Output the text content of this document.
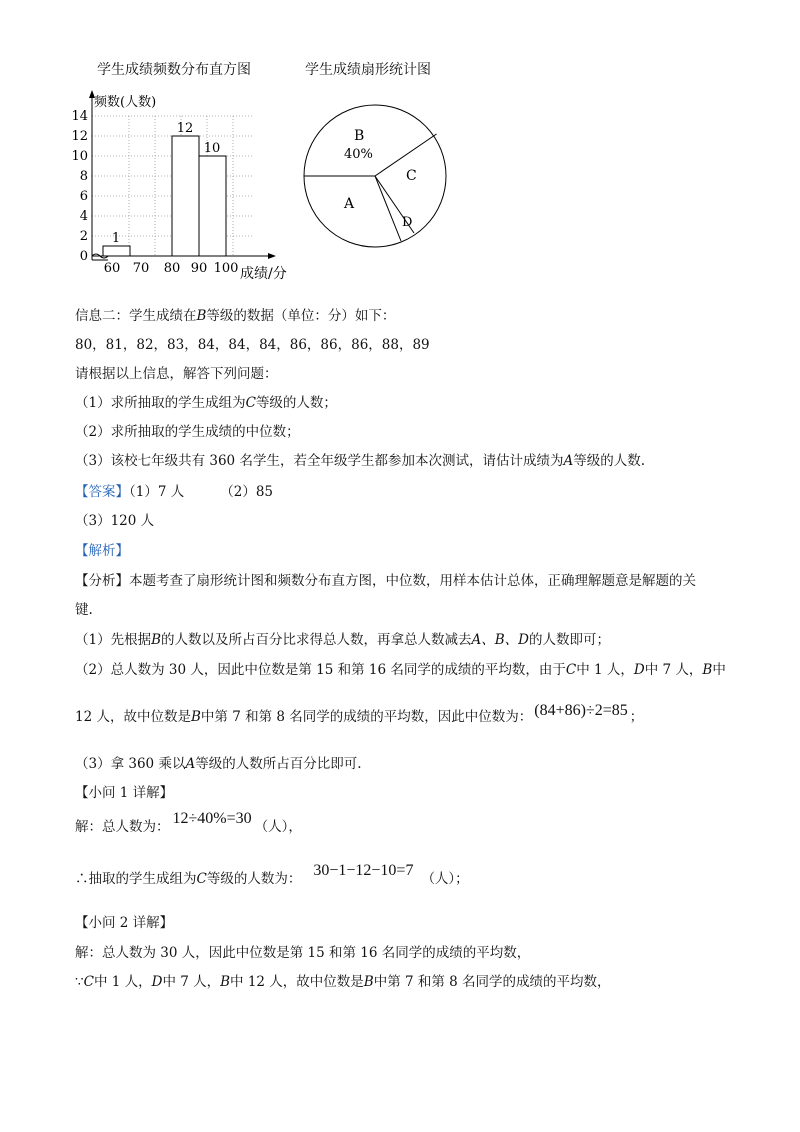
学生成绩频数分布直方图	学生成绩扇形统计图
频数(人数)
14
12
10
8
6
4
2
0
1
12
10
60 70 80 90 100 成绩/分
B
40%
A
C
D
信息二：学生成绩在B等级的数据（单位：分）如下：
80，81，82，83，84，84，84，86，86，86，88，89
请根据以上信息，解答下列问题：
（1）求所抽取的学生成组为C等级的人数；
（2）求所抽取的学生成绩的中位数；
（3）该校七年级共有 360 名学生，若全年级学生都参加本次测试，请估计成绩为A等级的人数.
【答案】（1）7 人	（2）85
（3）120 人
【解析】
【分析】本题考查了扇形统计图和频数分布直方图，中位数，用样本估计总体，正确理解题意是解题的关
键.
（1）先根据B的人数以及所占百分比求得总人数，再拿总人数减去A、B、D的人数即可；
（2）总人数为 30 人，因此中位数是第 15 和第 16 名同学的成绩的平均数，由于C中 1 人，D中 7 人，B中
12 人，故中位数是B中第 7 和第 8 名同学的成绩的平均数，因此中位数为： (84+86)÷2=85 ；
（3）拿 360 乘以A等级的人数所占百分比即可.
【小问 1 详解】
解：总人数为： 12÷40%=30 （人），
∴抽取的学生成组为C等级的人数为： 30−1−12−10=7 （人）；
【小问 2 详解】
解：总人数为 30 人，因此中位数是第 15 和第 16 名同学的成绩的平均数，
∵C中 1 人，D中 7 人，B中 12 人，故中位数是B中第 7 和第 8 名同学的成绩的平均数，
